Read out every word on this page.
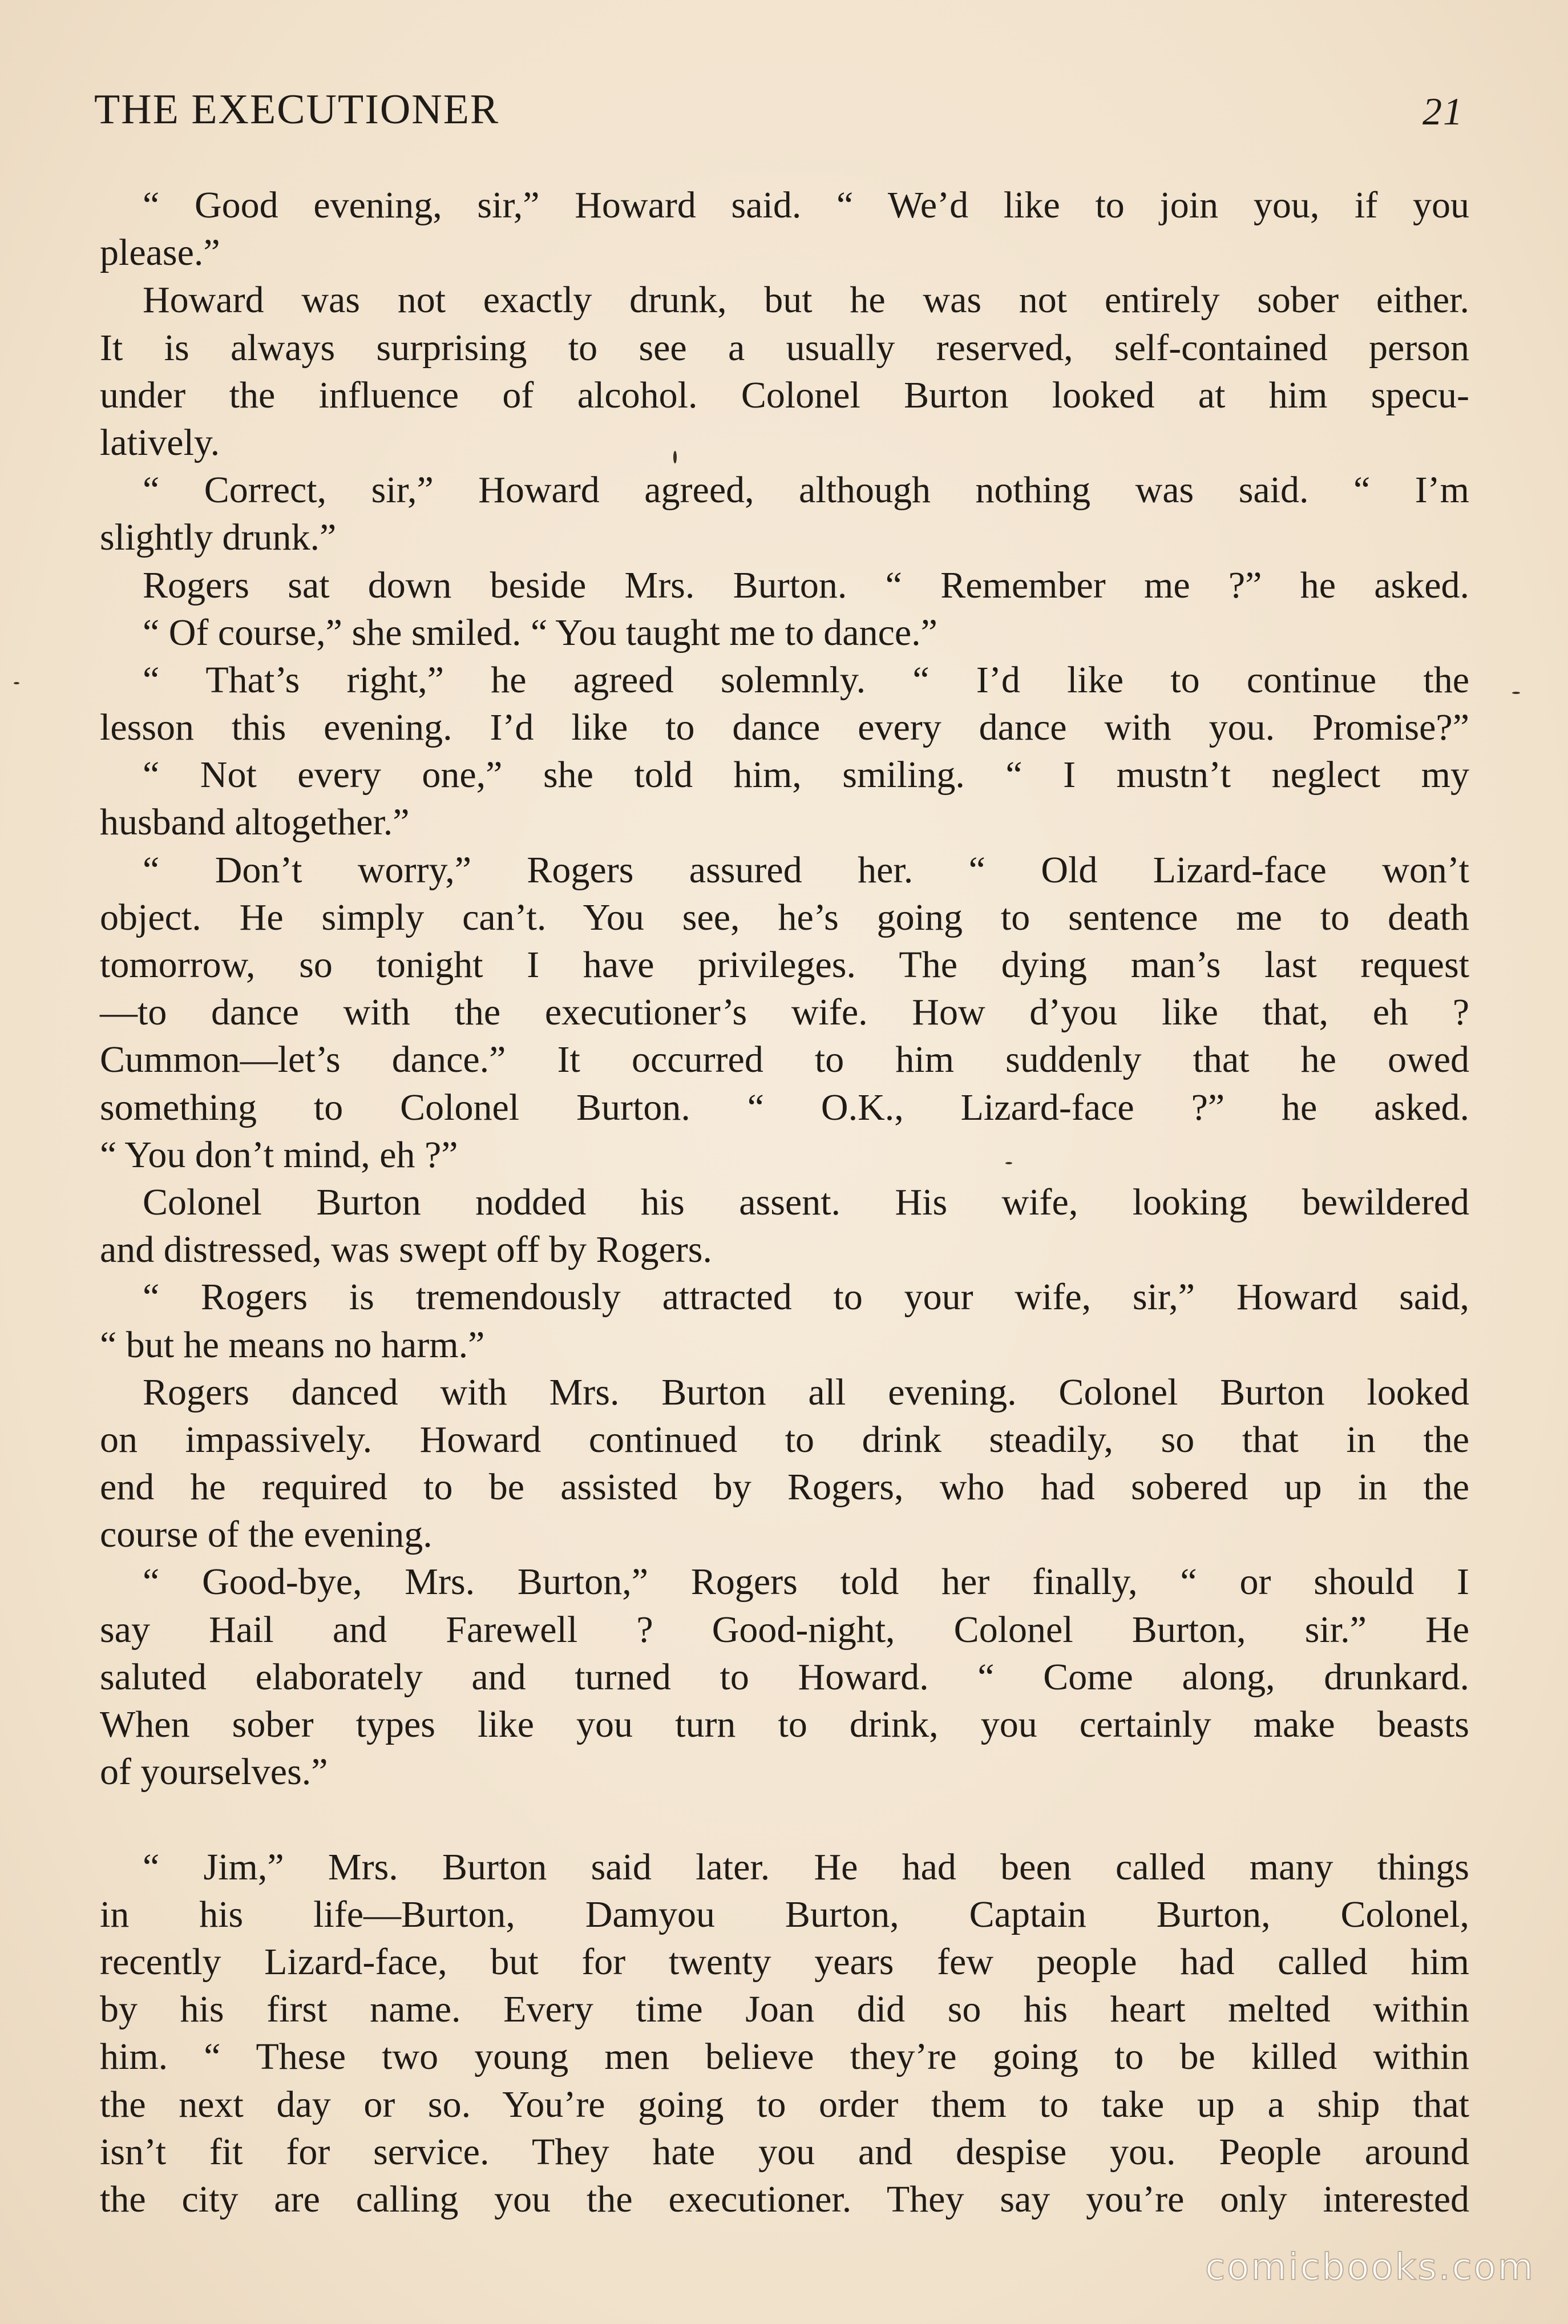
THE EXECUTIONER	21
“ Good evening, sir,” Howard said. “ We’d like to join you, if you
please.”
Howard was not exactly drunk, but he was not entirely sober either.
It is always surprising to see a usually reserved, self-contained person
under the influence of alcohol. Colonel Burton looked at him specu-
latively.
“ Correct, sir,” Howard agreed, although nothing was said. “ I’m
slightly drunk.”
Rogers sat down beside Mrs. Burton. “ Remember me ?” he asked.
“ Of course,” she smiled. “ You taught me to dance.”
“ That’s right,” he agreed solemnly. “ I’d like to continue the
lesson this evening. I’d like to dance every dance with you. Promise?”
“ Not every one,” she told him, smiling. “ I mustn’t neglect my
husband altogether.”
“ Don’t worry,” Rogers assured her. “ Old Lizard-face won’t
object. He simply can’t. You see, he’s going to sentence me to death
tomorrow, so tonight I have privileges. The dying man’s last request
—to dance with the executioner’s wife. How d’you like that, eh ?
Cummon—let’s dance.” It occurred to him suddenly that he owed
something to Colonel Burton. “ O.K., Lizard-face ?” he asked.
“ You don’t mind, eh ?”
Colonel Burton nodded his assent. His wife, looking bewildered
and distressed, was swept off by Rogers.
“ Rogers is tremendously attracted to your wife, sir,” Howard said,
“ but he means no harm.”
Rogers danced with Mrs. Burton all evening. Colonel Burton looked
on impassively. Howard continued to drink steadily, so that in the
end he required to be assisted by Rogers, who had sobered up in the
course of the evening.
“ Good-bye, Mrs. Burton,” Rogers told her finally, “ or should I
say Hail and Farewell ? Good-night, Colonel Burton, sir.” He
saluted elaborately and turned to Howard. “ Come along, drunkard.
When sober types like you turn to drink, you certainly make beasts
of yourselves.”
“ Jim,” Mrs. Burton said later. He had been called many things
in his life—Burton, Damyou Burton, Captain Burton, Colonel,
recently Lizard-face, but for twenty years few people had called him
by his first name. Every time Joan did so his heart melted within
him. “ These two young men believe they’re going to be killed within
the next day or so. You’re going to order them to take up a ship that
isn’t fit for service. They hate you and despise you. People around
the city are calling you the executioner. They say you’re only interested
comicbooks.com
